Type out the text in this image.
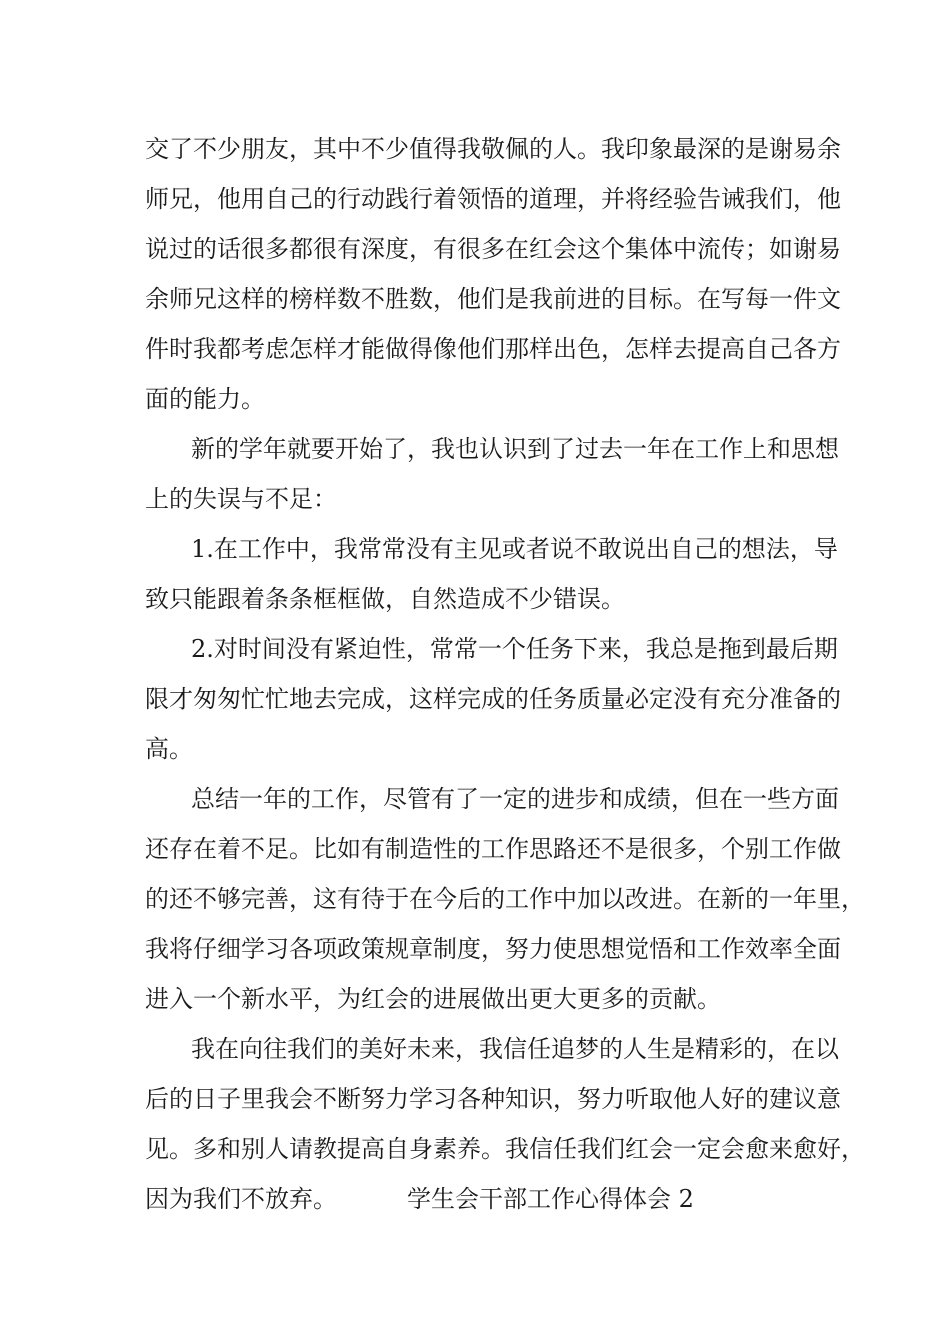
交了不少朋友，其中不少值得我敬佩的人。我印象最深的是谢易余
师兄，他用自己的行动践行着领悟的道理，并将经验告诫我们，他
说过的话很多都很有深度，有很多在红会这个集体中流传；如谢易
余师兄这样的榜样数不胜数，他们是我前进的目标。在写每一件文
件时我都考虑怎样才能做得像他们那样出色，怎样去提高自己各方
面的能力。
新的学年就要开始了，我也认识到了过去一年在工作上和思想
上的失误与不足：
1.在工作中，我常常没有主见或者说不敢说出自己的想法，导
致只能跟着条条框框做，自然造成不少错误。
2.对时间没有紧迫性，常常一个任务下来，我总是拖到最后期
限才匆匆忙忙地去完成，这样完成的任务质量必定没有充分准备的
高。
总结一年的工作，尽管有了一定的进步和成绩，但在一些方面
还存在着不足。比如有制造性的工作思路还不是很多，个别工作做
的还不够完善，这有待于在今后的工作中加以改进。在新的一年里，
我将仔细学习各项政策规章制度，努力使思想觉悟和工作效率全面
进入一个新水平，为红会的进展做出更大更多的贡献。
我在向往我们的美好未来，我信任追梦的人生是精彩的，在以
后的日子里我会不断努力学习各种知识，努力听取他人好的建议意
见。多和别人请教提高自身素养。我信任我们红会一定会愈来愈好，
因为我们不放弃。	学生会干部工作心得体会 2
